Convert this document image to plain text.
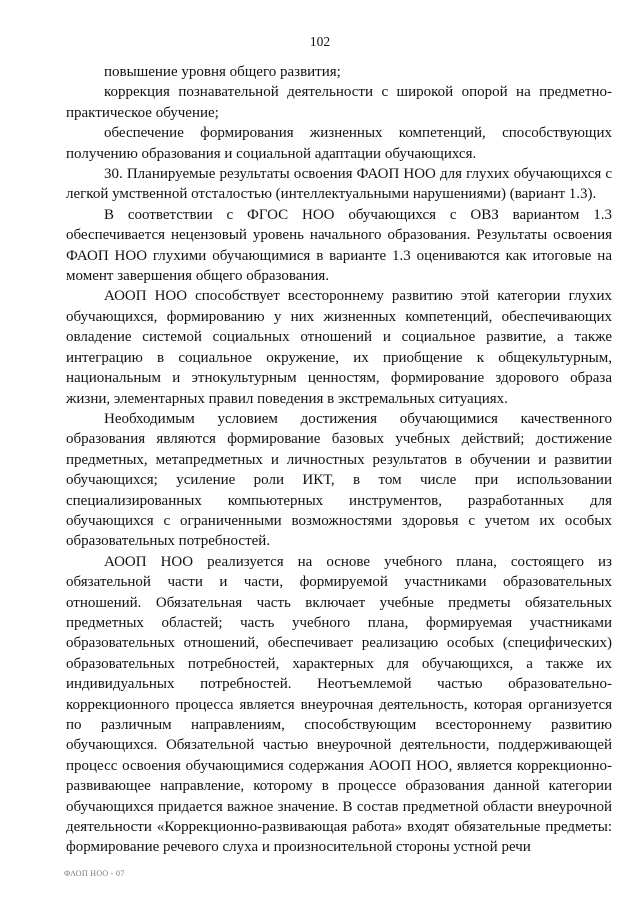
102

повышение уровня общего развития;

коррекция познавательной деятельности с широкой опорой на предметно-практическое обучение;

обеспечение формирования жизненных компетенций, способствующих получению образования и социальной адаптации обучающихся.

30. Планируемые результаты освоения ФАОП НОО для глухих обучающихся с легкой умственной отсталостью (интеллектуальными нарушениями) (вариант 1.3).

В соответствии с ФГОС НОО обучающихся с ОВЗ вариантом 1.3 обеспечивается нецензовый уровень начального образования. Результаты освоения ФАОП НОО глухими обучающимися в варианте 1.3 оцениваются как итоговые на момент завершения общего образования.

АООП НОО способствует всестороннему развитию этой категории глухих обучающихся, формированию у них жизненных компетенций, обеспечивающих овладение системой социальных отношений и социальное развитие, а также интеграцию в социальное окружение, их приобщение к общекультурным, национальным и этнокультурным ценностям, формирование здорового образа жизни, элементарных правил поведения в экстремальных ситуациях.

Необходимым условием достижения обучающимися качественного образования являются формирование базовых учебных действий; достижение предметных, метапредметных и личностных результатов в обучении и развитии обучающихся; усиление роли ИКТ, в том числе при использовании специализированных компьютерных инструментов, разработанных для обучающихся с ограниченными возможностями здоровья с учетом их особых образовательных потребностей.

АООП НОО реализуется на основе учебного плана, состоящего из обязательной части и части, формируемой участниками образовательных отношений. Обязательная часть включает учебные предметы обязательных предметных областей; часть учебного плана, формируемая участниками образовательных отношений, обеспечивает реализацию особых (специфических) образовательных потребностей, характерных для обучающихся, а также их индивидуальных потребностей. Неотъемлемой частью образовательно-коррекционного процесса является внеурочная деятельность, которая организуется по различным направлениям, способствующим всестороннему развитию обучающихся. Обязательной частью внеурочной деятельности, поддерживающей процесс освоения обучающимися содержания АООП НОО, является коррекционно-развивающее направление, которому в процессе образования данной категории обучающихся придается важное значение. В состав предметной области внеурочной деятельности «Коррекционно-развивающая работа» входят обязательные предметы: формирование речевого слуха и произносительной стороны устной речи

ФАОП НОО - 07
